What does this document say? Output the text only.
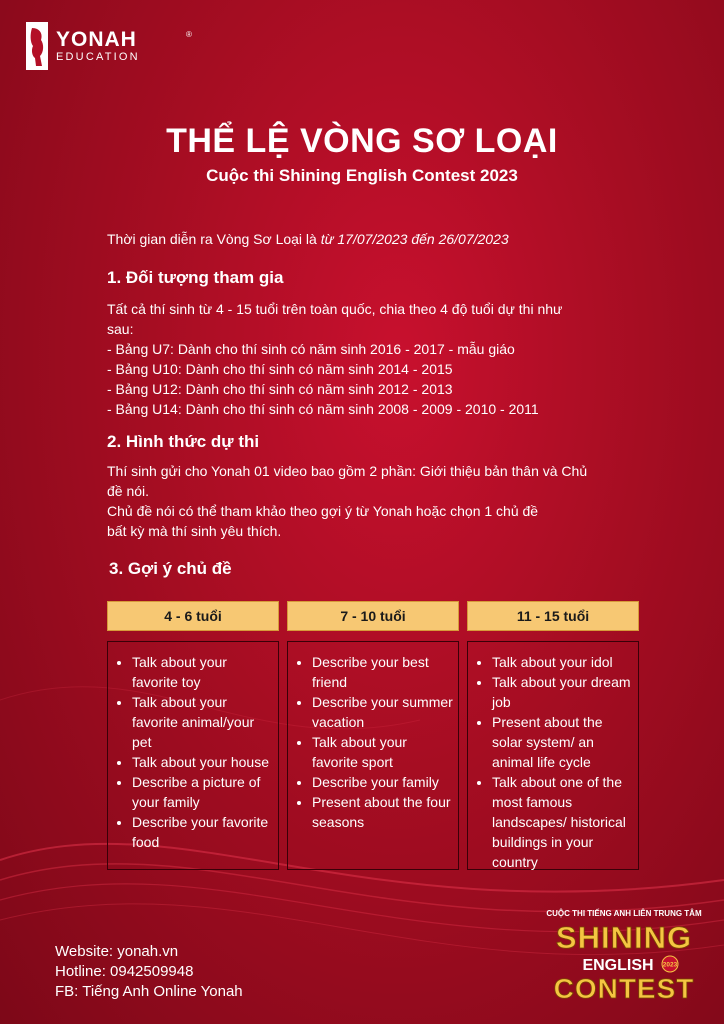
YONAH
EDUCATION
®
THỂ LỆ VÒNG SƠ LOẠI
Cuộc thi Shining English Contest 2023
Thời gian diễn ra Vòng Sơ Loại là từ 17/07/2023 đến 26/07/2023
1. Đối tượng tham gia
Tất cả thí sinh từ 4 - 15 tuổi trên toàn quốc, chia theo 4 độ tuổi dự thi như
sau:
- Bảng U7: Dành cho thí sinh có năm sinh 2016 - 2017 - mẫu giáo
- Bảng U10: Dành cho thí sinh có năm sinh 2014 - 2015
- Bảng U12: Dành cho thí sinh có năm sinh 2012 - 2013
- Bảng U14: Dành cho thí sinh có năm sinh 2008 - 2009 - 2010 - 2011
2. Hình thức dự thi
Thí sinh gửi cho Yonah 01 video bao gồm 2 phần: Giới thiệu bản thân và Chủ
đề nói.
Chủ đề nói có thể tham khảo theo gợi ý từ Yonah hoặc chọn 1 chủ đề
bất kỳ mà thí sinh yêu thích.
3. Gợi ý chủ đề
4 - 6 tuổi
• Talk about your favorite toy
• Talk about your favorite animal/your pet
• Talk about your house
• Describe a picture of your family
• Describe your favorite food
7 - 10 tuổi
• Describe your best friend
• Describe your summer vacation
• Talk about your favorite sport
• Describe your family
• Present about the four seasons
11 - 15 tuổi
• Talk about your idol
• Talk about your dream job
• Present about the solar system/ an animal life cycle
• Talk about one of the most famous landscapes/ historical buildings in your country
Website: yonah.vn
Hotline: 0942509948
FB: Tiếng Anh Online Yonah
CUỘC THI TIẾNG ANH LIÊN TRUNG TÂM
SHINING
ENGLISH 2023
CONTEST
